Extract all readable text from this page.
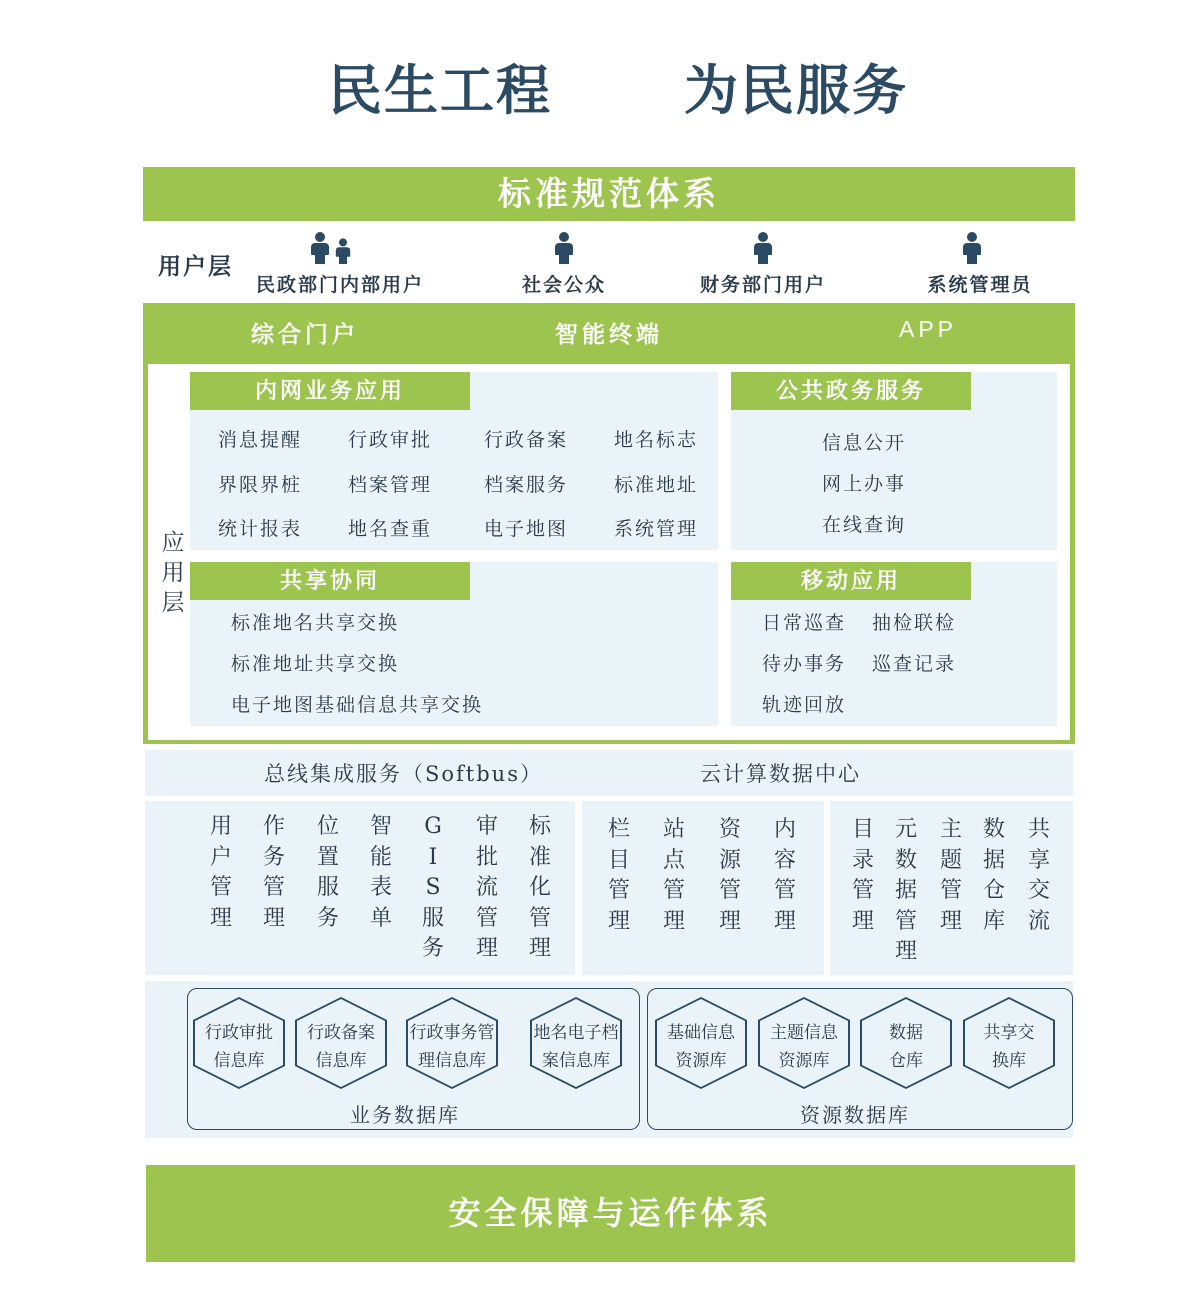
民生工程 为民服务
标准规范体系
用户层

民政部门内部用户	社会公众	财务部门用户	系统管理员
综合门户	智能终端	APP
应
用
层
内网业务应用
消息提醒 行政审批	行政备案 地名标志
界限界桩 档案管理	档案服务 标准地址
统计报表 地名查重	电子地图 系统管理
公共政务服务
信息公开
网上办事
在线查询
共享协同
标准地名共享交换
标准地址共享交换
电子地图基础信息共享交换
移动应用
日常巡查 抽检联检
待办事务 巡查记录
轨迹回放
总线集成服务（Softbus）	云计算数据中心
用
户
管
理
作
务
管
理
位
置
服
务
智
能
表
单
G
I
S
服
务
审
批
流
管
理
标
准
化
管
理
栏
目
管
理
站
点
管
理
资
源
管
理
内
容
管
理
目
录
管
理
元
数
据
管
理
主
题
管
理
数
据
仓
库
共
享
交
流
行政审批
信息库
行政备案
信息库
行政事务管
理信息库
地名电子档
案信息库
基础信息
资源库
主题信息
资源库
数据
仓库
共享交
换库
业务数据库	资源数据库
安全保障与运作体系
